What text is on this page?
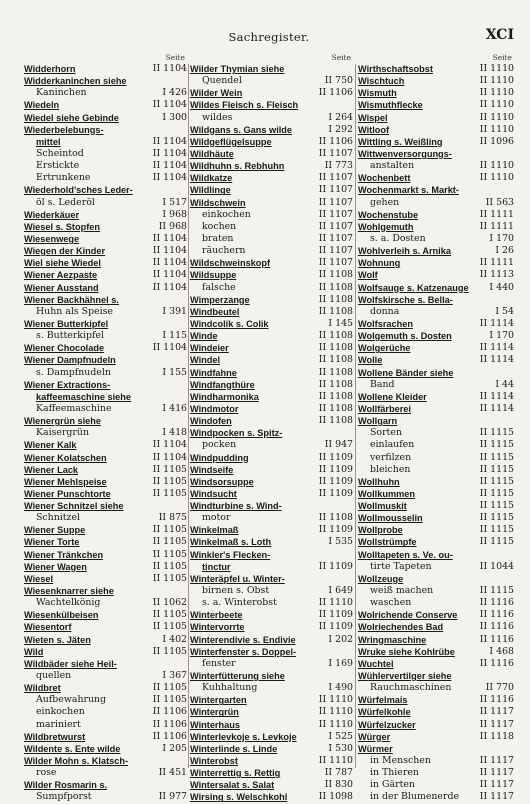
Sachregister.	XCI
Seite
Widderhorn	II 1104
Widderkaninchen siehe
Kaninchen	I 426
Wiedeln	II 1104
Wiedel siehe Gebinde	I 300
Wiederbelebungs-
mittel	II 1104
Scheintod	II 1104
Erstickte	II 1104
Ertrunkene	II 1104
Wiederhold'sches Leder-
öl s. Lederöl	I 517
Wiederkäuer	I 968
Wiesel s. Stopfen	II 968
Wiesenwege	II 1104
Wiegen der Kinder	II 1104
Wiel siehe Wiedel	II 1104
Wiener Aezpaste	II 1104
Wiener Ausstand	II 1104
Wiener Backhähnel s.
Huhn als Speise	I 391
Wiener Butterkipfel
s. Butterkipfel	I 115
Wiener Chocolade	II 1104
Wiener Dampfnudeln
s. Dampfnudeln	I 155
Wiener Extractions-
kaffeemaschine siehe
Kaffeemaschine	I 416
Wienergrün siehe
Kaisergrün	I 418
Wiener Kalk	II 1104
Wiener Kolatschen	II 1104
Wiener Lack	II 1105
Wiener Mehlspeise	II 1105
Wiener Punschtorte	II 1105
Wiener Schnitzel siehe
Schnitzel	II 875
Wiener Suppe	II 1105
Wiener Torte	II 1105
Wiener Tränkchen	II 1105
Wiener Wagen	II 1105
Wiesel	II 1105
Wiesenknarrer siehe
Wachtelkönig	II 1062
Wiesenkülbeisen	II 1105
Wiesentorf	II 1105
Wieten s. Jäten	I 402
Wild	II 1105
Wildbäder siehe Heil-
quellen	I 367
Wildbret	II 1105
Aufbewahrung	II 1105
einkochen	II 1106
mariniert	II 1106
Wildbretwurst	II 1106
Wildente s. Ente wilde	I 205
Wilder Mohn s. Klatsch-
rose	II 451
Wilder Rosmarin s.
Sumpfporst	II 977
Seite
Wilder Thymian siehe
Quendel	II 750
Wilder Wein	II 1106
Wildes Fleisch s. Fleisch
wildes	I 264
Wildgans s. Gans wilde	I 292
Wildgeflügelsuppe	II 1106
Wildhäute	II 1107
Wildhuhn s. Rebhuhn	II 773
Wildkatze	II 1107
Wildlinge	II 1107
Wildschwein	II 1107
einkochen	II 1107
kochen	II 1107
braten	II 1107
räuchern	II 1107
Wildschweinskopf	II 1107
Wildsuppe	II 1108
falsche	II 1108
Wimperzange	II 1108
Windbeutel	II 1108
Windcolik s. Colik	I 145
Winde	II 1108
Windeier	II 1108
Windel	II 1108
Windfahne	II 1108
Windfangthüre	II 1108
Windharmonika	II 1108
Windmotor	II 1108
Windofen	II 1108
Windpocken s. Spitz-
pocken	II 947
Windpudding	II 1109
Windseife	II 1109
Windsorsuppe	II 1109
Windsucht	II 1109
Windturbine s. Wind-
motor	II 1108
Winkelmaß	II 1109
Winkelmaß s. Loth	I 535
Winkler's Flecken-
tinctur	II 1109
Winteräpfel u. Winter-
birnen s. Obst	I 649
s. a. Winterobst	II 1110
Winterbeete	II 1109
Wintervorrte	II 1109
Winterendivie s. Endivie	I 202
Winterfenster s. Doppel-
fenster	I 169
Winterfütterung siehe
Kuhhaltung	I 490
Wintergarten	II 1110
Wintergrün	II 1110
Winterhaus	II 1110
Winterlevkoje s. Levkoje	I 525
Winterlinde s. Linde	I 530
Winterobst	II 1110
Winterrettig s. Rettig	II 787
Wintersalat s. Salat	II 830
Wirsing s. Welschkohl	II 1098
Seite
Wirthschaftsobst	II 1110
Wischtuch	II 1110
Wismuth	II 1110
Wismuthflecke	II 1110
Wispel	II 1110
Witloof	II 1110
Wittling s. Weißling	II 1096
Wittwenversorgungs-
anstalten	II 1110
Wochenbett	II 1110
Wochenmarkt s. Markt-
gehen	II 563
Wochenstube	II 1111
Wohlgemuth	II 1111
s. a. Dosten	I 170
Wohlverleih s. Arnika	I 26
Wohnung	II 1111
Wolf	II 1113
Wolfsauge s. Katzenauge	I 440
Wolfskirsche s. Bella-
donna	I 54
Wolfsrachen	II 1114
Wolgemuth s. Dosten	I 170
Wolgerüche	II 1114
Wolle	II 1114
Wollene Bänder siehe
Band	I 44
Wollene Kleider	II 1114
Wollfärberei	II 1114
Wollgarn
Sorten	II 1115
einlaufen	II 1115
verfilzen	II 1115
bleichen	II 1115
Wollhuhn	II 1115
Wollkummen	II 1115
Wollmuskit	II 1115
Wollmousselin	II 1115
Wollprobe	II 1115
Wollstrümpfe	II 1115
Wolltapeten s. Ve. ou-
tirte Tapeten	II 1044
Wollzeuge
weiß machen	II 1115
waschen	II 1116
Wolrichende Conserve	II 1116
Wolriechendes Bad	II 1116
Wringmaschine	II 1116
Wruke siehe Kohlrübe	I 468
Wuchtel	II 1116
Wühlervertilger siehe
Rauchmaschinen	II 770
Würfelmais	II 1116
Würfelkohle	II 1117
Würfelzucker	II 1117
Würger	II 1118
Würmer
in Menschen	II 1117
in Thieren	II 1117
in Gärten	II 1117
in der Blumenerde	II 1117
